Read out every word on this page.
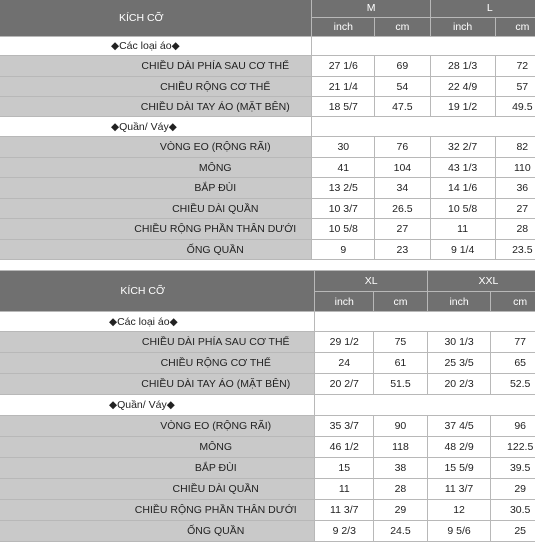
KÍCH CỠ	M		L	
	inch	cm	inch	cm
◆Các loại áo◆				
CHIỀU DÀI PHÍA SAU CƠ THỂ	27 1/6	69	28 1/3	72
CHIỀU RỘNG CƠ THỂ	21 1/4	54	22 4/9	57
CHIỀU DÀI TAY ÁO (MẶT BÊN)	18 5/7	47.5	19 1/2	49.5
◆Quần/ Váy◆				
VÒNG EO (RỘNG RÃI)	30	76	32 2/7	82
MÔNG	41	104	43 1/3	110
BẮP ĐÙI	13 2/5	34	14 1/6	36
CHIỀU DÀI QUẦN	10 3/7	26.5	10 5/8	27
CHIỀU RỘNG PHẦN THÂN DƯỚI	10 5/8	27	11	28
ỐNG QUẦN	9	23	9 1/4	23.5
KÍCH CỠ	XL		XXL	
	inch	cm	inch	cm
◆Các loại áo◆				
CHIỀU DÀI PHÍA SAU CƠ THỂ	29 1/2	75	30 1/3	77
CHIỀU RỘNG CƠ THỂ	24	61	25 3/5	65
CHIỀU DÀI TAY ÁO (MẶT BÊN)	20 2/7	51.5	20 2/3	52.5
◆Quần/ Váy◆				
VÒNG EO (RỘNG RÃI)	35 3/7	90	37 4/5	96
MÔNG	46 1/2	118	48 2/9	122.5
BẮP ĐÙI	15	38	15 5/9	39.5
CHIỀU DÀI QUẦN	11	28	11 3/7	29
CHIỀU RỘNG PHẦN THÂN DƯỚI	11 3/7	29	12	30.5
ỐNG QUẦN	9 2/3	24.5	9 5/6	25
